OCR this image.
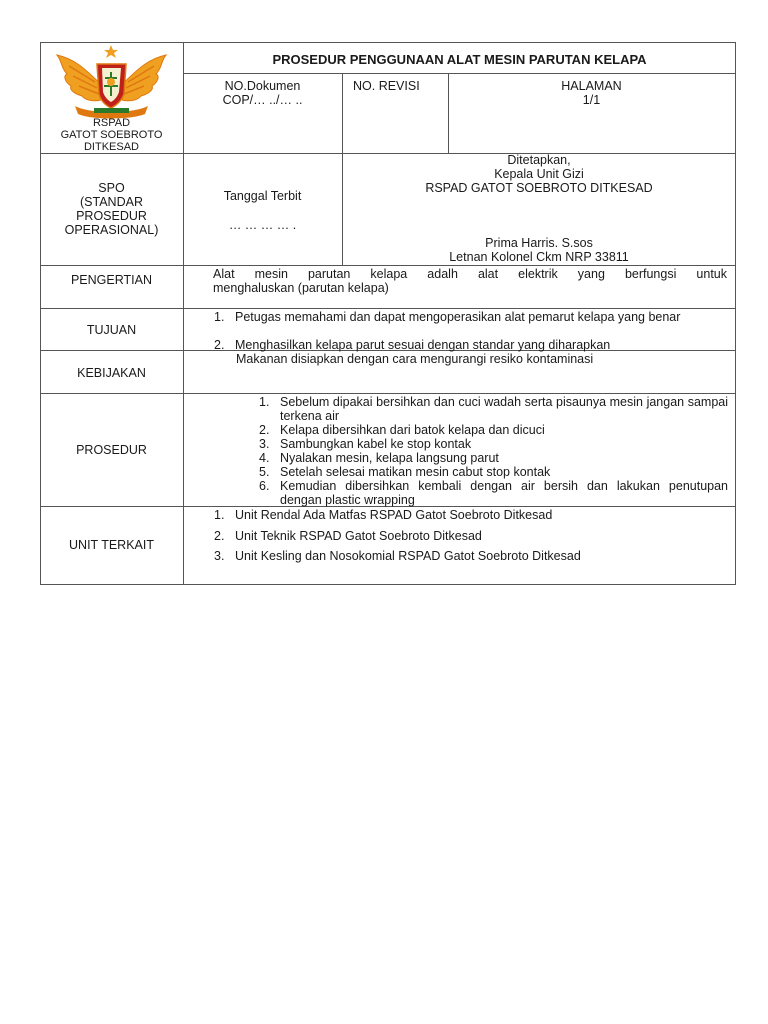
RSPAD
GATOT SOEBROTO
DITKESAD
PROSEDUR PENGGUNAAN ALAT MESIN PARUTAN KELAPA
NO.Dokumen
COP/… ../… ..
NO. REVISI	HALAMAN
1/1
SPO
(STANDAR
PROSEDUR
OPERASIONAL)
Tanggal Terbit
… … … … .
Ditetapkan,
Kepala Unit Gizi
RSPAD GATOT SOEBROTO DITKESAD
Prima Harris. S.sos
Letnan Kolonel Ckm NRP 33811
PENGERTIAN	Alat mesin parutan kelapa adalh alat elektrik yang berfungsi untuk
menghaluskan (parutan kelapa)
TUJUAN
1. Petugas memahami dan dapat mengoperasikan alat pemarut kelapa yang benar
2. Menghasilkan kelapa parut sesuai dengan standar yang diharapkan
KEBIJAKAN
Makanan disiapkan dengan cara mengurangi resiko kontaminasi
PROSEDUR
1. Sebelum dipakai bersihkan dan cuci wadah serta pisaunya mesin jangan sampai terkena air
2. Kelapa dibersihkan dari batok kelapa dan dicuci
3. Sambungkan kabel ke stop kontak
4. Nyalakan mesin, kelapa langsung parut
5. Setelah selesai matikan mesin cabut stop kontak
6. Kemudian dibersihkan kembali dengan air bersih dan lakukan penutupan dengan plastic wrapping
UNIT TERKAIT
1. Unit Rendal Ada Matfas RSPAD Gatot Soebroto Ditkesad
2. Unit Teknik RSPAD Gatot Soebroto Ditkesad
3. Unit Kesling dan Nosokomial RSPAD Gatot Soebroto Ditkesad
